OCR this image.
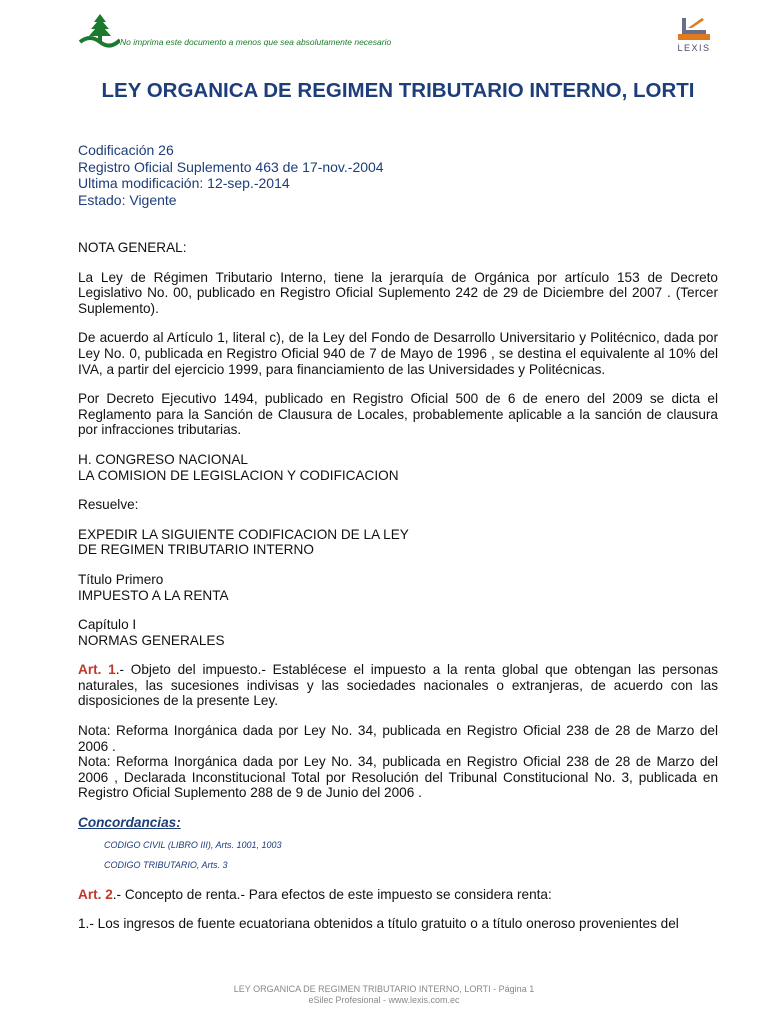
No imprima este documento a menos que sea absolutamente necesario
LEXIS
LEY ORGANICA DE REGIMEN TRIBUTARIO INTERNO, LORTI
Codificación 26
Registro Oficial Suplemento 463 de 17-nov.-2004
Ultima modificación: 12-sep.-2014
Estado: Vigente

NOTA GENERAL:

La Ley de Régimen Tributario Interno, tiene la jerarquía de Orgánica por artículo 153 de Decreto Legislativo No. 00, publicado en Registro Oficial Suplemento 242 de 29 de Diciembre del 2007 . (Tercer Suplemento).

De acuerdo al Artículo 1, literal c), de la Ley del Fondo de Desarrollo Universitario y Politécnico, dada por Ley No. 0, publicada en Registro Oficial 940 de 7 de Mayo de 1996 , se destina el equivalente al 10% del IVA, a partir del ejercicio 1999, para financiamiento de las Universidades y Politécnicas.

Por Decreto Ejecutivo 1494, publicado en Registro Oficial 500 de 6 de enero del 2009 se dicta el Reglamento para la Sanción de Clausura de Locales, probablemente aplicable a la sanción de clausura por infracciones tributarias.

H. CONGRESO NACIONAL
LA COMISION DE LEGISLACION Y CODIFICACION

Resuelve:

EXPEDIR LA SIGUIENTE CODIFICACION DE LA LEY
DE REGIMEN TRIBUTARIO INTERNO
Título Primero
IMPUESTO A LA RENTA
Capítulo I
NORMAS GENERALES

Art. 1.- Objeto del impuesto.- Establécese el impuesto a la renta global que obtengan las personas naturales, las sucesiones indivisas y las sociedades nacionales o extranjeras, de acuerdo con las disposiciones de la presente Ley.

Nota: Reforma Inorgánica dada por Ley No. 34, publicada en Registro Oficial 238 de 28 de Marzo del 2006 .

Nota: Reforma Inorgánica dada por Ley No. 34, publicada en Registro Oficial 238 de 28 de Marzo del 2006 , Declarada Inconstitucional Total por Resolución del Tribunal Constitucional No. 3, publicada en Registro Oficial Suplemento 288 de 9 de Junio del 2006 .

Concordancias:
CODIGO CIVIL (LIBRO III), Arts. 1001, 1003
CODIGO TRIBUTARIO, Arts. 3

Art. 2.- Concepto de renta.- Para efectos de este impuesto se considera renta:

1.- Los ingresos de fuente ecuatoriana obtenidos a título gratuito o a título oneroso provenientes del

LEY ORGANICA DE REGIMEN TRIBUTARIO INTERNO, LORTI - Página 1
eSilec Profesional - www.lexis.com.ec
